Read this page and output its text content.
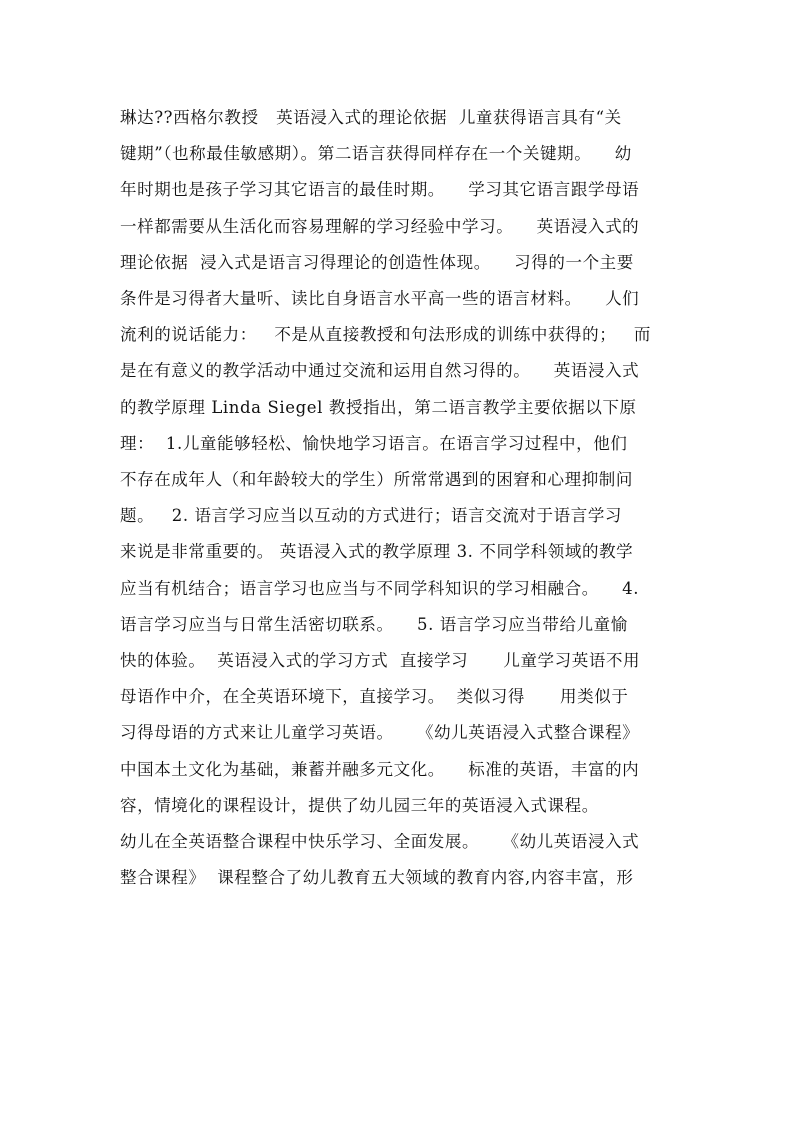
琳达??西格尔教授   英语浸入式的理论依据  儿童获得语言具有“关
键期”（也称最佳敏感期）。第二语言获得同样存在一个关键期。    幼
年时期也是孩子学习其它语言的最佳时期。    学习其它语言跟学母语
一样都需要从生活化而容易理解的学习经验中学习。    英语浸入式的
理论依据  浸入式是语言习得理论的创造性体现。    习得的一个主要
条件是习得者大量听、读比自身语言水平高一些的语言材料。    人们
流利的说话能力：   不是从直接教授和句法形成的训练中获得的；   而
是在有意义的教学活动中通过交流和运用自然习得的。    英语浸入式
的教学原理 Linda Siegel 教授指出，第二语言教学主要依据以下原
理：  1.儿童能够轻松、愉快地学习语言。在语言学习过程中，他们
不存在成年人（和年龄较大的学生）所常常遇到的困窘和心理抑制问
题。   2. 语言学习应当以互动的方式进行；语言交流对于语言学习
来说是非常重要的。 英语浸入式的教学原理 3. 不同学科领域的教学
应当有机结合；语言学习也应当与不同学科知识的学习相融合。    4.
语言学习应当与日常生活密切联系。    5. 语言学习应当带给儿童愉
快的体验。  英语浸入式的学习方式  直接学习      儿童学习英语不用
母语作中介，在全英语环境下，直接学习。  类似习得      用类似于
习得母语的方式来让儿童学习英语。    《幼儿英语浸入式整合课程》
中国本土文化为基础，兼蓄并融多元文化。    标准的英语，丰富的内
容，情境化的课程设计，提供了幼儿园三年的英语浸入式课程。
幼儿在全英语整合课程中快乐学习、全面发展。    《幼儿英语浸入式
整合课程》  课程整合了幼儿教育五大领域的教育内容,内容丰富，形
